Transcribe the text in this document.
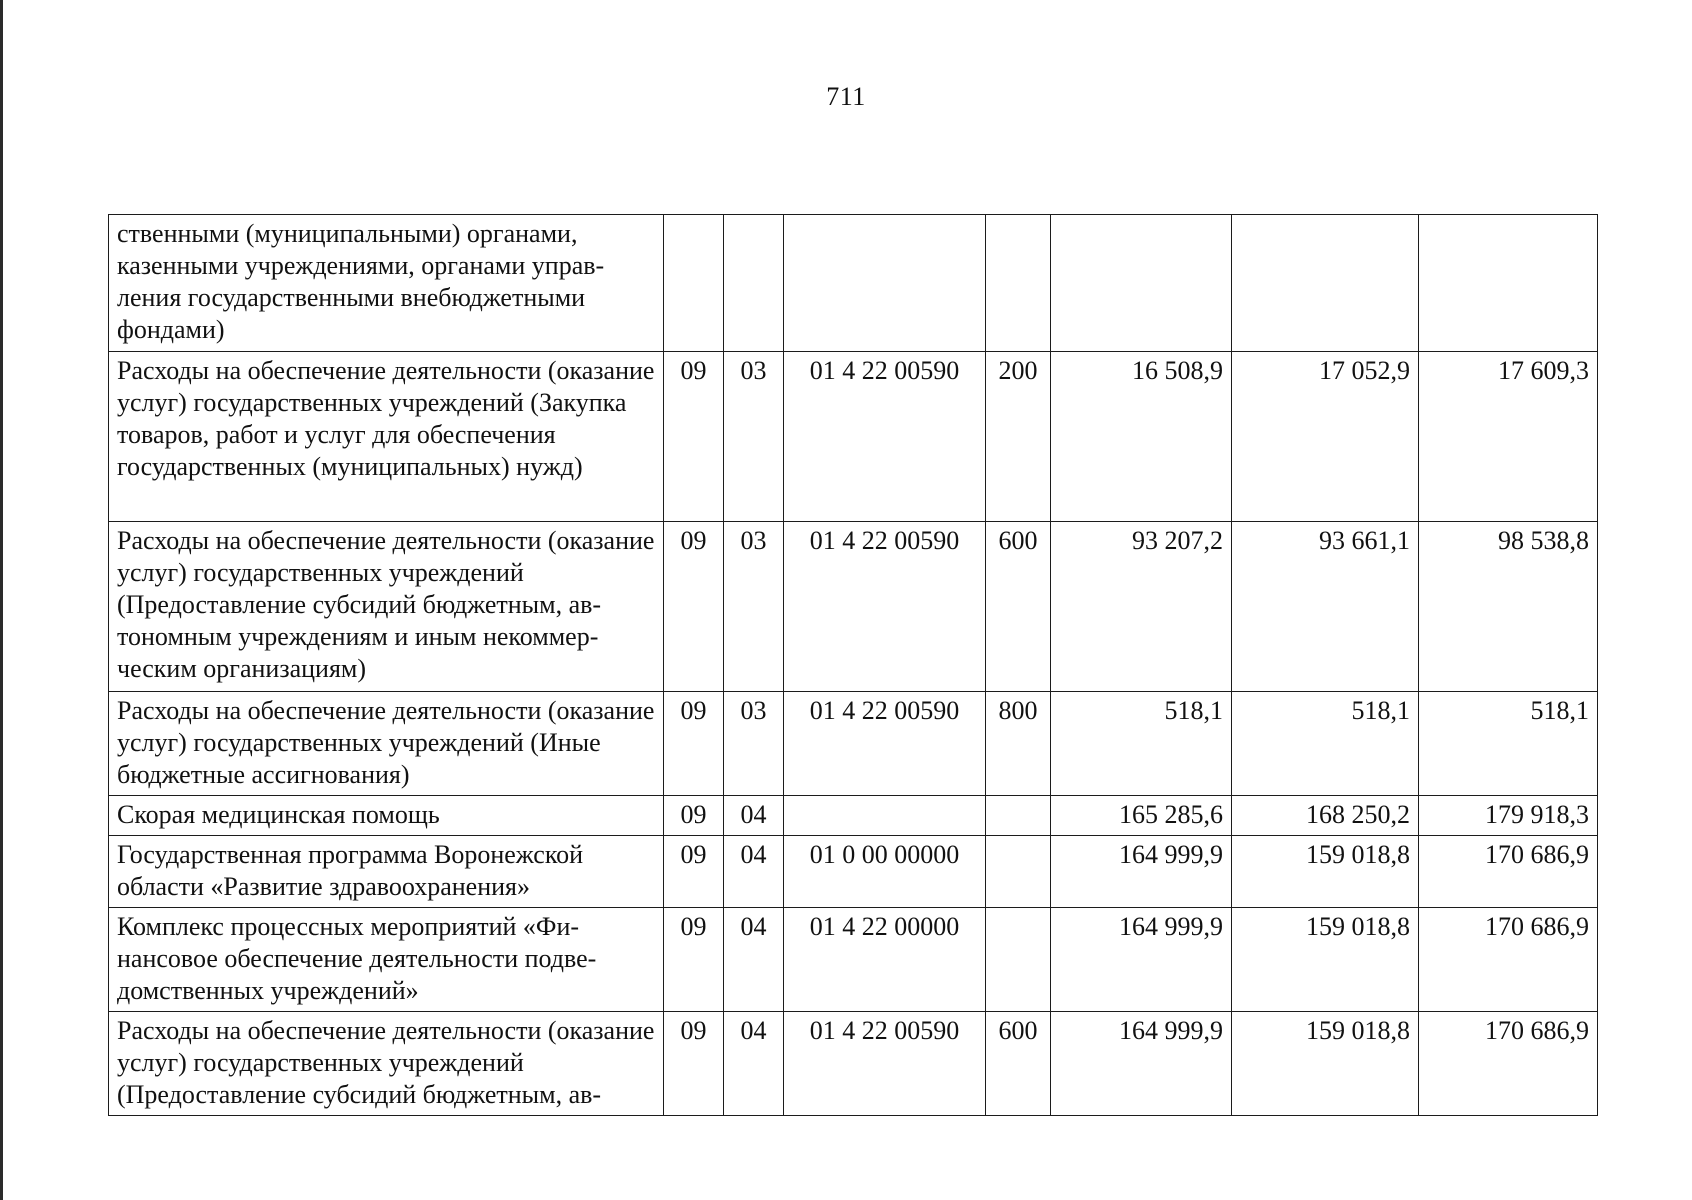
711
ственными (муниципальными) органами, казенными учреждениями, органами управления государственными внебюджетными фондами)							
Расходы на обеспечение деятельности (оказание услуг) государственных учреждений (Закупка товаров, работ и услуг для обеспечения государственных (муниципальных) нужд)	09	03	01 4 22 00590	200	16 508,9	17 052,9	17 609,3
Расходы на обеспечение деятельности (оказание услуг) государственных учреждений (Предоставление субсидий бюджетным, автономным учреждениям и иным некоммерческим организациям)	09	03	01 4 22 00590	600	93 207,2	93 661,1	98 538,8
Расходы на обеспечение деятельности (оказание услуг) государственных учреждений (Иные бюджетные ассигнования)	09	03	01 4 22 00590	800	518,1	518,1	518,1
Скорая медицинская помощь	09	04			165 285,6	168 250,2	179 918,3
Государственная программа Воронежской области «Развитие здравоохранения»	09	04	01 0 00 00000		164 999,9	159 018,8	170 686,9
Комплекс процессных мероприятий «Финансовое обеспечение деятельности подведомственных учреждений»	09	04	01 4 22 00000		164 999,9	159 018,8	170 686,9
Расходы на обеспечение деятельности (оказание услуг) государственных учреждений (Предоставление субсидий бюджетным, ав-	09	04	01 4 22 00590	600	164 999,9	159 018,8	170 686,9
